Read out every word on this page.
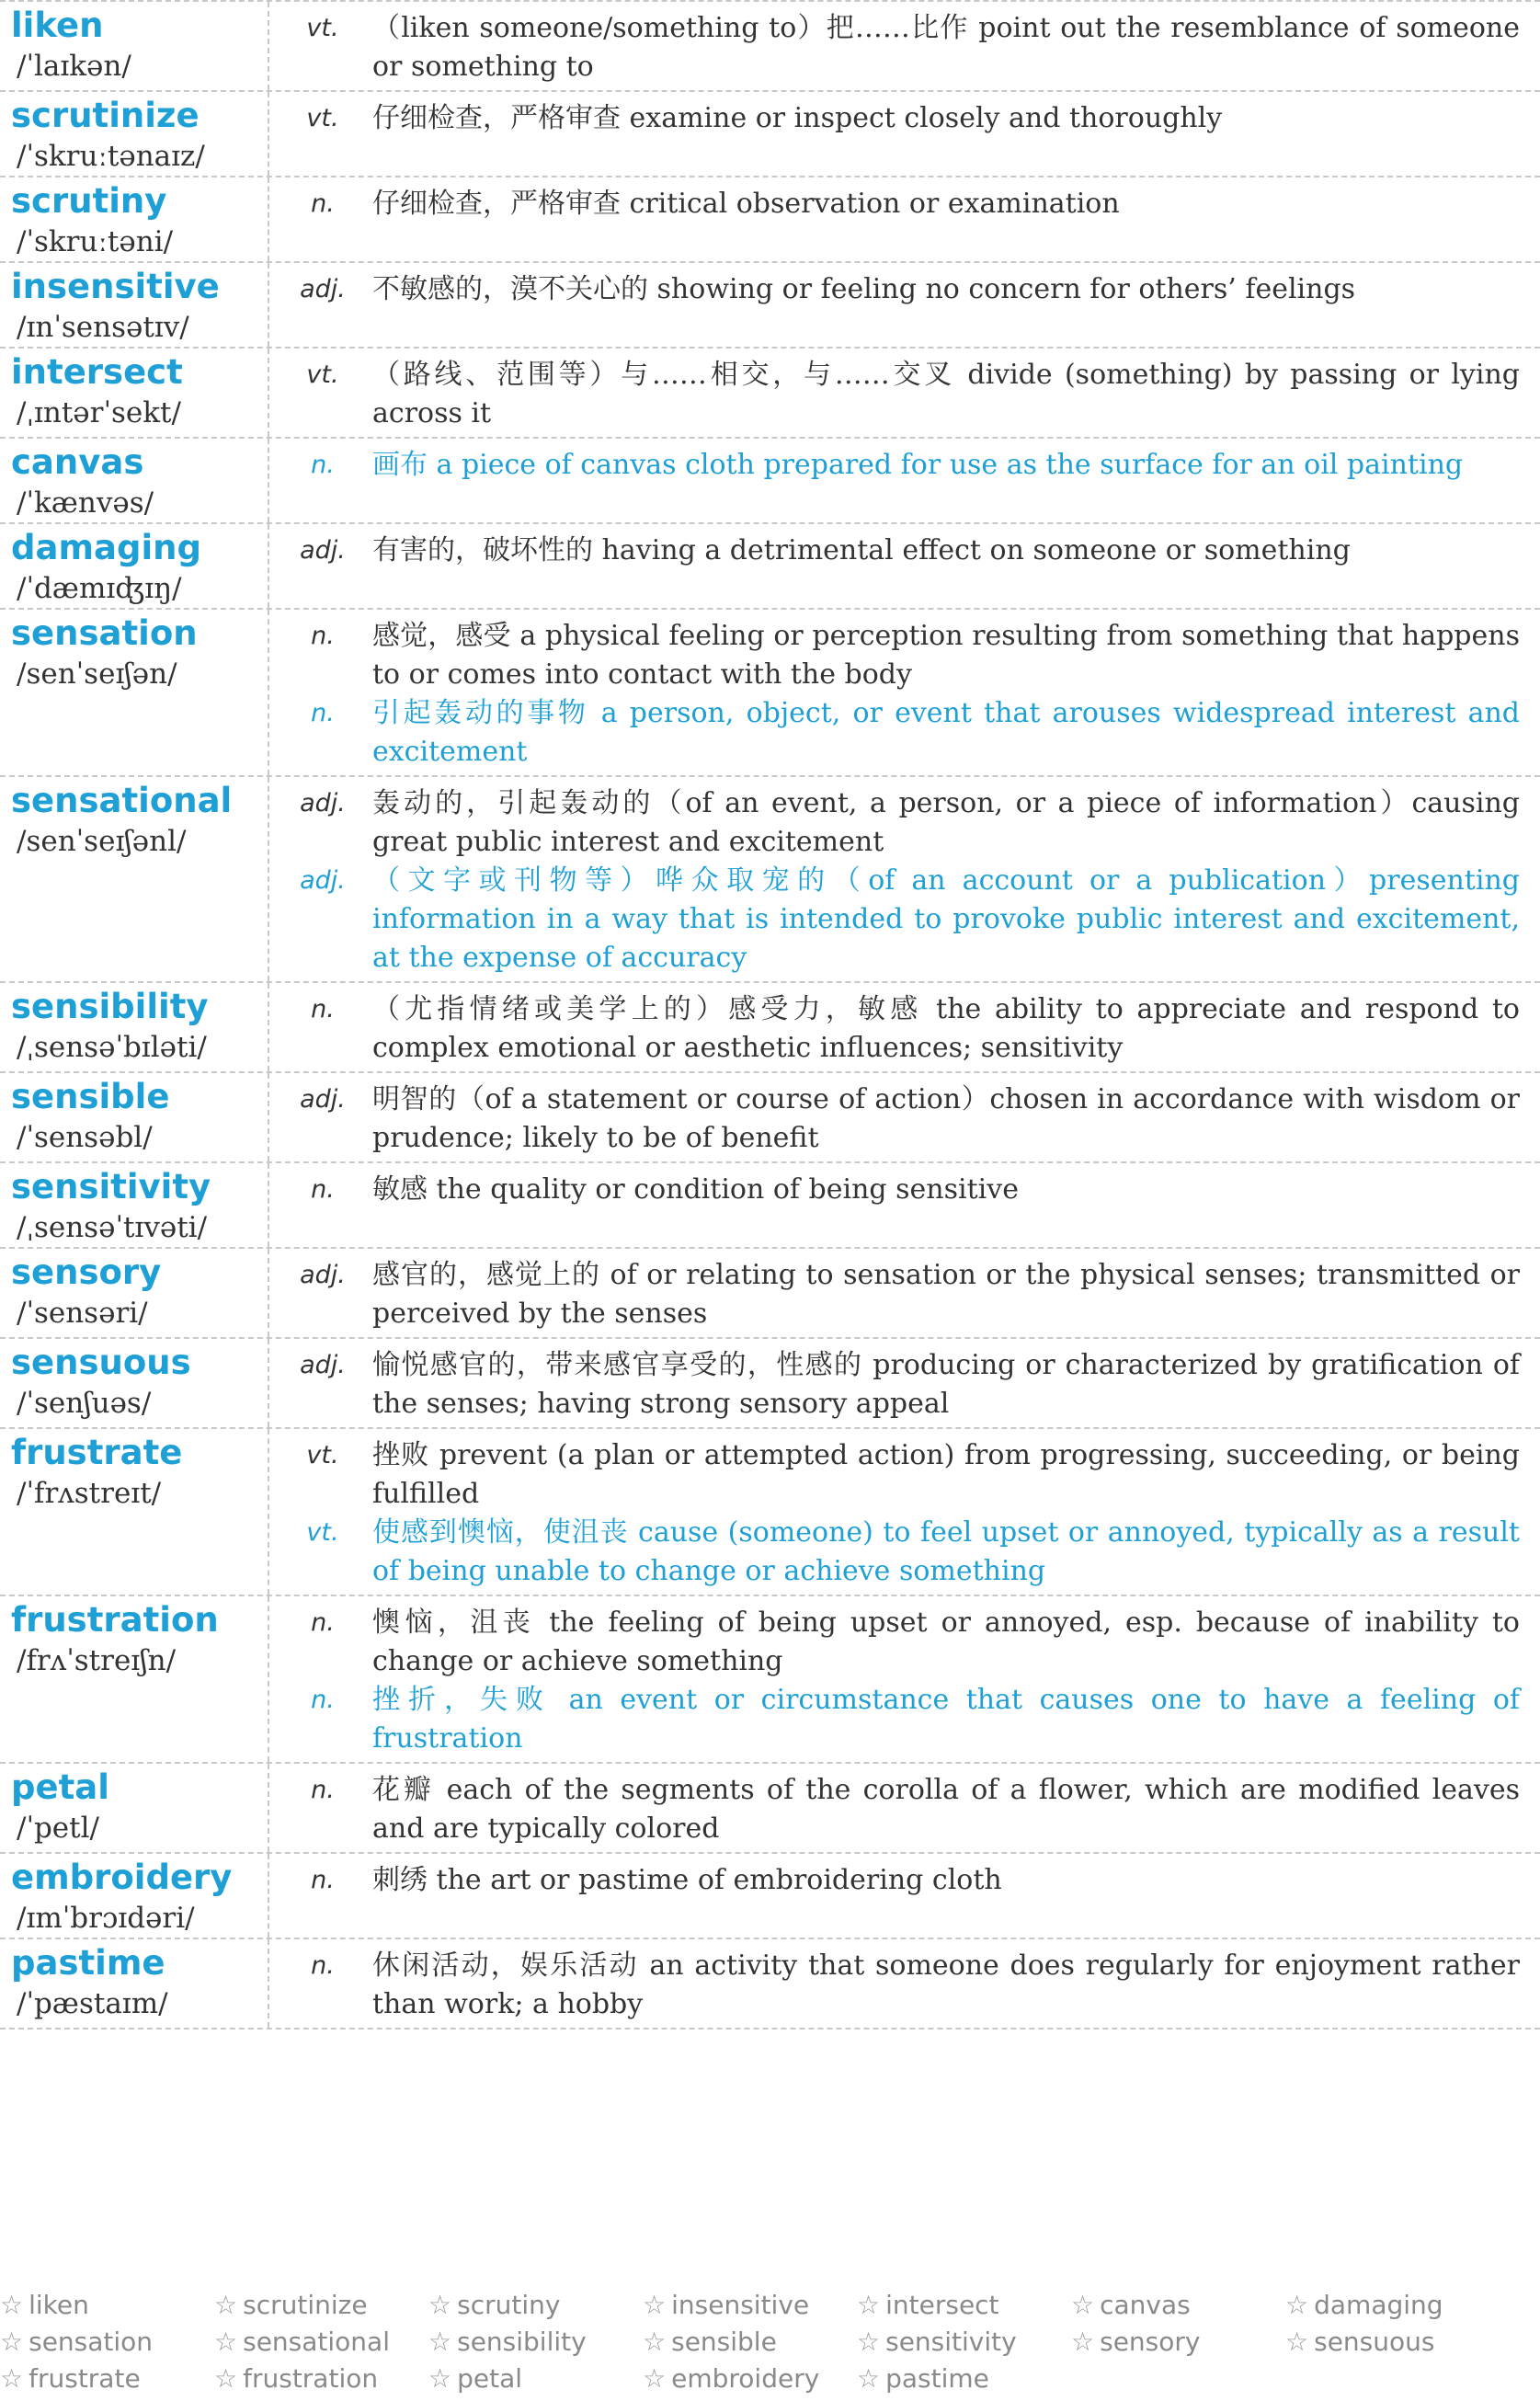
liken
/ˈlaɪkən/
vt.	（liken someone/something to）把……比作 point out the resemblance of someone or something to
scrutinize
/ˈskruːtənaɪz/
vt.	仔细检查，严格审查 examine or inspect closely and thoroughly
scrutiny
/ˈskruːtəni/
n.	仔细检查，严格审查 critical observation or examination
insensitive
/ɪnˈsensətɪv/
adj. 不敏感的，漠不关心的 showing or feeling no concern for others’ feelings
intersect
/ˌɪntərˈsekt/
vt.	（路线、范围等）与……相交，与……交叉 divide (something) by passing or lying across it
canvas
/ˈkænvəs/
n.	画布 a piece of canvas cloth prepared for use as the surface for an oil painting
damaging
/ˈdæmɪʤɪŋ/
adj. 有害的，破坏性的 having a detrimental effect on someone or something
sensation
/senˈseɪʃən/
n.	感觉，感受 a physical feeling or perception resulting from something that happens to or comes into contact with the body
n.	引起轰动的事物 a person, object, or event that arouses widespread interest and excitement
sensational
/senˈseɪʃənl/
adj. 轰动的，引起轰动的（of an event, a person, or a piece of information）causing great public interest and excitement
adj. （文字或刊物等）哗众取宠的（of an account or a publication）presenting information in a way that is intended to provoke public interest and excitement, at the expense of accuracy
sensibility
/ˌsensəˈbɪləti/
n.	（尤指情绪或美学上的）感受力，敏感 the ability to appreciate and respond to complex emotional or aesthetic influences; sensitivity
sensible
/ˈsensəbl/
adj. 明智的（of a statement or course of action）chosen in accordance with wisdom or prudence; likely to be of benefit
sensitivity
/ˌsensəˈtɪvəti/
n.	敏感 the quality or condition of being sensitive
sensory
/ˈsensəri/
adj. 感官的，感觉上的 of or relating to sensation or the physical senses; transmitted or perceived by the senses
sensuous
/ˈsenʃuəs/
adj. 愉悦感官的，带来感官享受的，性感的 producing or characterized by gratification of the senses; having strong sensory appeal
frustrate
/ˈfrʌstreɪt/
vt.	挫败 prevent (a plan or attempted action) from progressing, succeeding, or being fulfilled
vt.	使感到懊恼，使沮丧 cause (someone) to feel upset or annoyed, typically as a result of being unable to change or achieve something
frustration
/frʌˈstreɪʃn/
n.	懊恼，沮丧 the feeling of being upset or annoyed, esp. because of inability to change or achieve something
n.	挫折，失败 an event or circumstance that causes one to have a feeling of frustration
petal
/ˈpetl/
n.	花瓣 each of the segments of the corolla of a flower, which are modified leaves and are typically colored
embroidery
/ɪmˈbrɔɪdəri/
n.	刺绣 the art or pastime of embroidering cloth
pastime
/ˈpæstaɪm/
n.	休闲活动，娱乐活动 an activity that someone does regularly for enjoyment rather than work; a hobby
☆ liken	☆ scrutinize	☆ scrutiny	☆ insensitive	☆ intersect	☆ canvas	☆ damaging
☆ sensation	☆ sensational	☆ sensibility	☆ sensible	☆ sensitivity	☆ sensory	☆ sensuous
☆ frustrate	☆ frustration	☆ petal	☆ embroidery	☆ pastime
